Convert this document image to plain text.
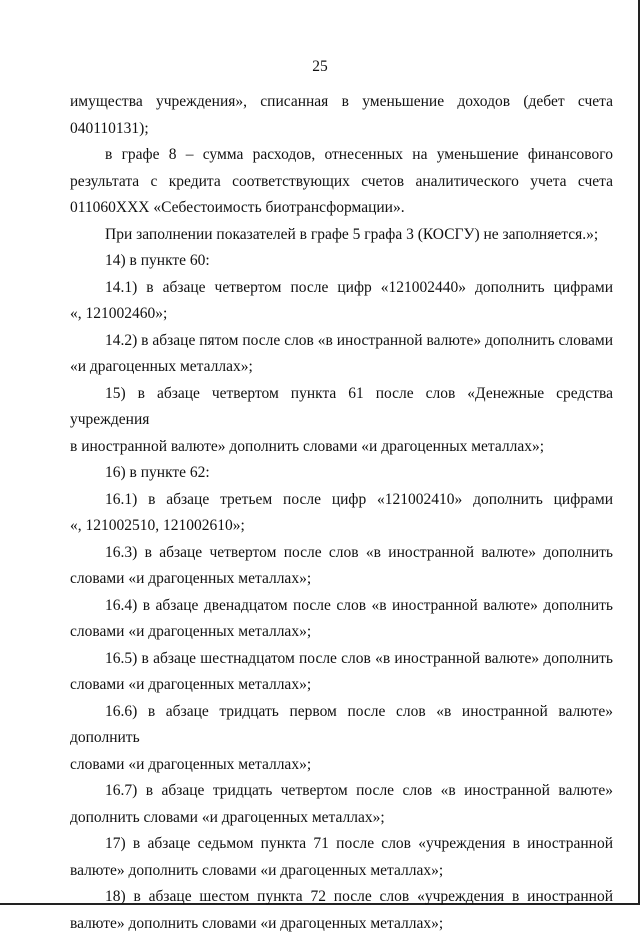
25
имущества учреждения», списанная в уменьшение доходов (дебет счета 040110131);
в графе 8 – сумма расходов, отнесенных на уменьшение финансового
результата с кредита соответствующих счетов аналитического учета счета
011060XXX «Себестоимость биотрансформации».
При заполнении показателей в графе 5 графа 3 (КОСГУ) не заполняется.»;
14) в пункте 60:
14.1) в абзаце четвертом после цифр «121002440» дополнить цифрами
«, 121002460»;
14.2) в абзаце пятом после слов «в иностранной валюте» дополнить словами
«и драгоценных металлах»;
15) в абзаце четвертом пункта 61 после слов «Денежные средства учреждения
в иностранной валюте» дополнить словами «и драгоценных металлах»;
16) в пункте 62:
16.1) в абзаце третьем после цифр «121002410» дополнить цифрами
«, 121002510, 121002610»;
16.3) в абзаце четвертом после слов «в иностранной валюте» дополнить
словами «и драгоценных металлах»;
16.4) в абзаце двенадцатом после слов «в иностранной валюте» дополнить
словами «и драгоценных металлах»;
16.5) в абзаце шестнадцатом после слов «в иностранной валюте» дополнить
словами «и драгоценных металлах»;
16.6) в абзаце тридцать первом после слов «в иностранной валюте» дополнить
словами «и драгоценных металлах»;
16.7) в абзаце тридцать четвертом после слов «в иностранной валюте»
дополнить словами «и драгоценных металлах»;
17) в абзаце седьмом пункта 71 после слов «учреждения в иностранной
валюте» дополнить словами «и драгоценных металлах»;
18) в абзаце шестом пункта 72 после слов «учреждения в иностранной
валюте» дополнить словами «и драгоценных металлах»;
